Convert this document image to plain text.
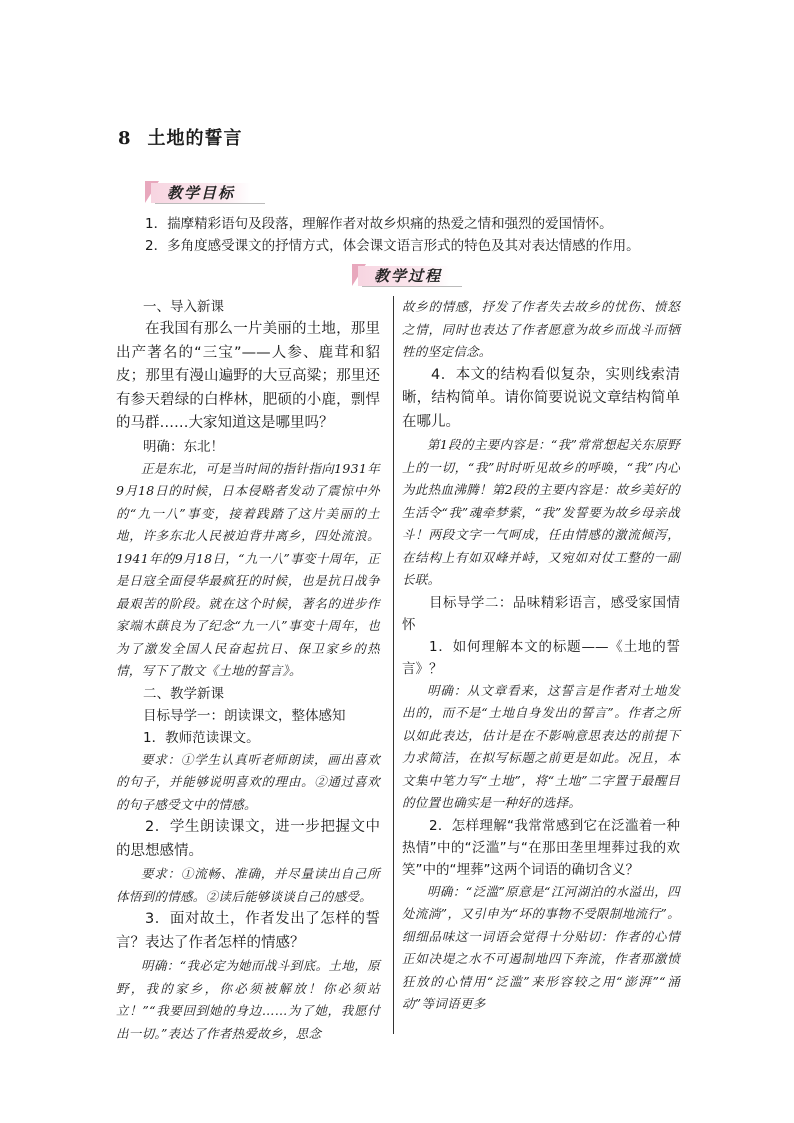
8 土地的誓言
教学目标
1．揣摩精彩语句及段落，理解作者对故乡炽痛的热爱之情和强烈的爱国情怀。
2．多角度感受课文的抒情方式，体会课文语言形式的特色及其对表达情感的作用。
教学过程

一、导入新课

在我国有那么一片美丽的土地，那里出产著名的“三宝”——人参、鹿茸和貂皮；那里有漫山遍野的大豆高粱；那里还有参天碧绿的白桦林，肥硕的小鹿，剽悍的马群……大家知道这是哪里吗？

明确：东北！

正是东北，可是当时间的指针指向1931年9月18日的时候，日本侵略者发动了震惊中外的“九一八”事变，接着践踏了这片美丽的土地，许多东北人民被迫背井离乡，四处流浪。1941年的9月18日，“九一八”事变十周年，正是日寇全面侵华最疯狂的时候，也是抗日战争最艰苦的阶段。就在这个时候，著名的进步作家端木蕻良为了纪念“九一八”事变十周年，也为了激发全国人民奋起抗日、保卫家乡的热情，写下了散文《土地的誓言》。

二、教学新课

目标导学一：朗读课文，整体感知

1．教师范读课文。

要求：①学生认真听老师朗读，画出喜欢的句子，并能够说明喜欢的理由。②通过喜欢的句子感受文中的情感。

2．学生朗读课文，进一步把握文中的思想感情。

要求：①流畅、准确，并尽量读出自己所体悟到的情感。②读后能够谈谈自己的感受。

3．面对故土，作者发出了怎样的誓言？表达了作者怎样的情感？

明确：“我必定为她而战斗到底。土地，原野，我的家乡，你必须被解放！你必须站立！”“我要回到她的身边……为了她，我愿付出一切。”表达了作者热爱故乡，思念

故乡的情感，抒发了作者失去故乡的忧伤、愤怒之情，同时也表达了作者愿意为故乡而战斗而牺牲的坚定信念。

4．本文的结构看似复杂，实则线索清晰，结构简单。请你简要说说文章结构简单在哪儿。

第1段的主要内容是：“我”常常想起关东原野上的一切，“我”时时听见故乡的呼唤，“我”内心为此热血沸腾！第2段的主要内容是：故乡美好的生活令“我”魂牵梦萦，“我”发誓要为故乡母亲战斗！两段文字一气呵成，任由情感的激流倾泻，在结构上有如双峰并峙，又宛如对仗工整的一副长联。

目标导学二：品味精彩语言，感受家国情怀

1．如何理解本文的标题——《土地的誓言》？

明确：从文章看来，这誓言是作者对土地发出的，而不是“土地自身发出的誓言”。作者之所以如此表达，估计是在不影响意思表达的前提下力求简洁，在拟写标题之前更是如此。况且，本文集中笔力写“土地”，将“土地”二字置于最醒目的位置也确实是一种好的选择。

2．怎样理解“我常常感到它在泛滥着一种热情”中的“泛滥”与“在那田垄里埋葬过我的欢笑”中的“埋葬”这两个词语的确切含义？

明确：“泛滥”原意是“江河湖泊的水溢出，四处流淌”，又引申为“坏的事物不受限制地流行”。细细品味这一词语会觉得十分贴切：作者的心情正如决堤之水不可遏制地四下奔流，作者那激愤狂放的心情用“泛滥”来形容较之用“澎湃”“涌动”等词语更多
